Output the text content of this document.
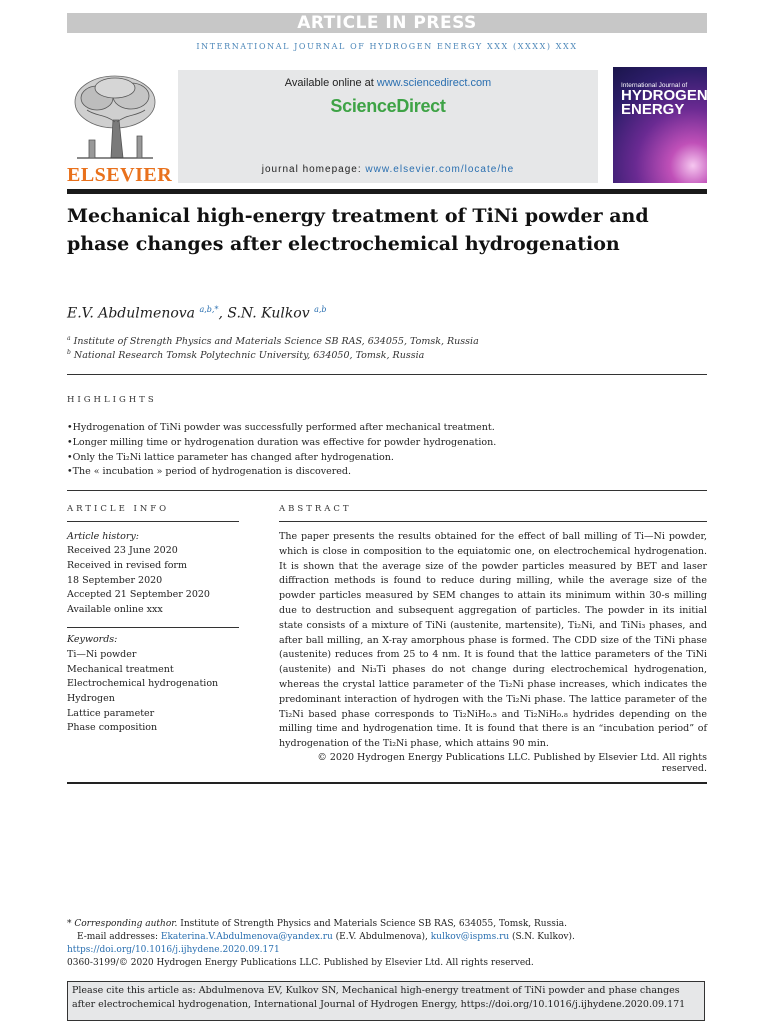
ARTICLE IN PRESS
INTERNATIONAL JOURNAL OF HYDROGEN ENERGY XXX (XXXX) XXX
ELSEVIER
Available online at www.sciencedirect.com
ScienceDirect
journal homepage: www.elsevier.com/locate/he
International Journal of
HYDROGEN
ENERGY
Mechanical high-energy treatment of TiNi powder and phase changes after electrochemical hydrogenation
E.V. Abdulmenova $^{a,b,*}$, S.N. Kulkov $^{a,b}$
$^a$ Institute of Strength Physics and Materials Science SB RAS, 634055, Tomsk, Russia
$^b$ National Research Tomsk Polytechnic University, 634050, Tomsk, Russia
HIGHLIGHTS
• Hydrogenation of TiNi powder was successfully performed after mechanical treatment.
• Longer milling time or hydrogenation duration was effective for powder hydrogenation.
• Only the Ti₂Ni lattice parameter has changed after hydrogenation.
• The « incubation » period of hydrogenation is discovered.
ARTICLE INFO	ABSTRACT
Article history:
Received 23 June 2020
Received in revised form
18 September 2020
Accepted 21 September 2020
Available online xxx
Keywords:
Ti—Ni powder
Mechanical treatment
Electrochemical hydrogenation
Hydrogen
Lattice parameter
Phase composition
The paper presents the results obtained for the effect of ball milling of Ti—Ni powder, which is close in composition to the equiatomic one, on electrochemical hydrogenation. It is shown that the average size of the powder particles measured by BET and laser diffraction methods is found to reduce during milling, while the average size of the powder particles measured by SEM changes to attain its minimum within 30-s milling due to destruction and subsequent aggregation of particles. The powder in its initial state consists of a mixture of TiNi (austenite, martensite), Ti₂Ni, and TiNi₃ phases, and after ball milling, an X-ray amorphous phase is formed. The CDD size of the TiNi phase (austenite) reduces from 25 to 4 nm. It is found that the lattice parameters of the TiNi (austenite) and Ni₃Ti phases do not change during electrochemical hydrogenation, whereas the crystal lattice parameter of the Ti₂Ni phase increases, which indicates the predominant interaction of hydrogen with the Ti₂Ni phase. The lattice parameter of the Ti₂Ni based phase corresponds to Ti₂NiH₀.₅ and Ti₂NiH₀.₈ hydrides depending on the milling time and hydrogenation time. It is found that there is an “incubation period” of hydrogenation of the Ti₂Ni phase, which attains 90 min.
© 2020 Hydrogen Energy Publications LLC. Published by Elsevier Ltd. All rights reserved.
* Corresponding author. Institute of Strength Physics and Materials Science SB RAS, 634055, Tomsk, Russia.
E-mail addresses: Ekaterina.V.Abdulmenova@yandex.ru (E.V. Abdulmenova), kulkov@ispms.ru (S.N. Kulkov).
https://doi.org/10.1016/j.ijhydene.2020.09.171
0360-3199/© 2020 Hydrogen Energy Publications LLC. Published by Elsevier Ltd. All rights reserved.
Please cite this article as: Abdulmenova EV, Kulkov SN, Mechanical high-energy treatment of TiNi powder and phase changes after electrochemical hydrogenation, International Journal of Hydrogen Energy, https://doi.org/10.1016/j.ijhydene.2020.09.171
